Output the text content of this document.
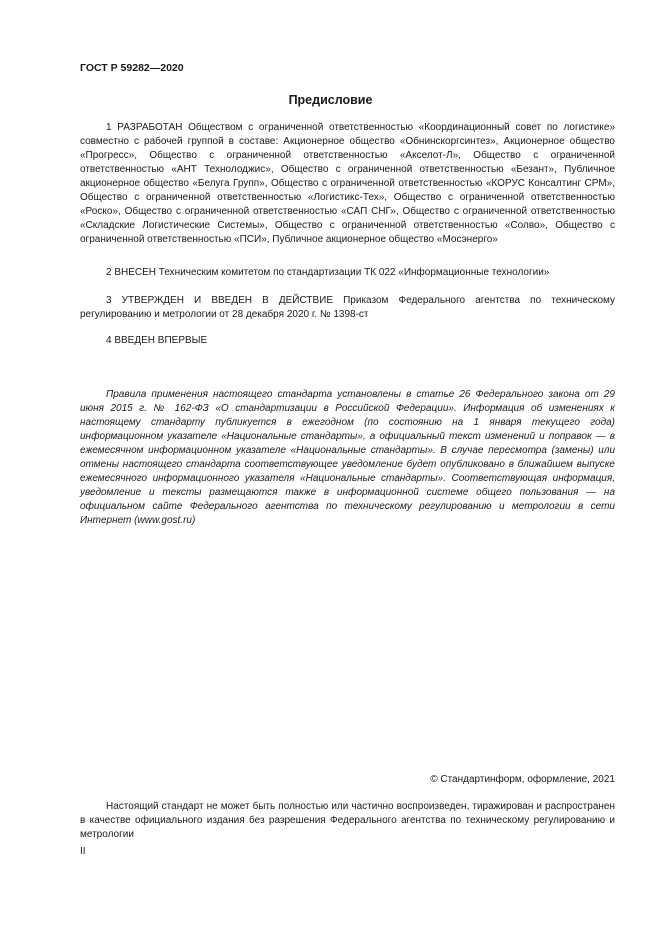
ГОСТ Р 59282—2020
Предисловие

1 РАЗРАБОТАН Обществом с ограниченной ответственностью «Координационный совет по логистике» совместно с рабочей группой в составе: Акционерное общество «Обнинскоргсинтез», Акционерное общество «Прогресс», Общество с ограниченной ответственностью «Акселот-Л», Общество с ограниченной ответственностью «АНТ Технолоджис», Общество с ограниченной ответственностью «Безант», Публичное акционерное общество «Белуга Групп», Общество с ограниченной ответственностью «КОРУС Консалтинг СРМ», Общество с ограниченной ответственностью «Логистикс-Тех», Общество с ограниченной ответственностью «Роско», Общество с ограниченной ответственностью «САП СНГ», Общество с ограниченной ответственностью «Складские Логистические Системы», Общество с ограниченной ответственностью «Солво», Общество с ограниченной ответственностью «ПСИ», Публичное акционерное общество «Мосэнерго»

2 ВНЕСЕН Техническим комитетом по стандартизации ТК 022 «Информационные технологии»

3 УТВЕРЖДЕН И ВВЕДЕН В ДЕЙСТВИЕ Приказом Федерального агентства по техническому регулированию и метрологии от 28 декабря 2020 г. № 1398-ст

4 ВВЕДЕН ВПЕРВЫЕ

Правила применения настоящего стандарта установлены в статье 26 Федерального закона от 29 июня 2015 г. № 162-ФЗ «О стандартизации в Российской Федерации». Информация об изменениях к настоящему стандарту публикуется в ежегодном (по состоянию на 1 января текущего года) информационном указателе «Национальные стандарты», а официальный текст изменений и поправок — в ежемесячном информационном указателе «Национальные стандарты». В случае пересмотра (замены) или отмены настоящего стандарта соответствующее уведомление будет опубликовано в ближайшем выпуске ежемесячного информационного указателя «Национальные стандарты». Соответствующая информация, уведомление и тексты размещаются также в информационной системе общего пользования — на официальном сайте Федерального агентства по техническому регулированию и метрологии в сети Интернет (www.gost.ru)

© Стандартинформ, оформление, 2021

Настоящий стандарт не может быть полностью или частично воспроизведен, тиражирован и распространен в качестве официального издания без разрешения Федерального агентства по техническому регулированию и метрологии

II
